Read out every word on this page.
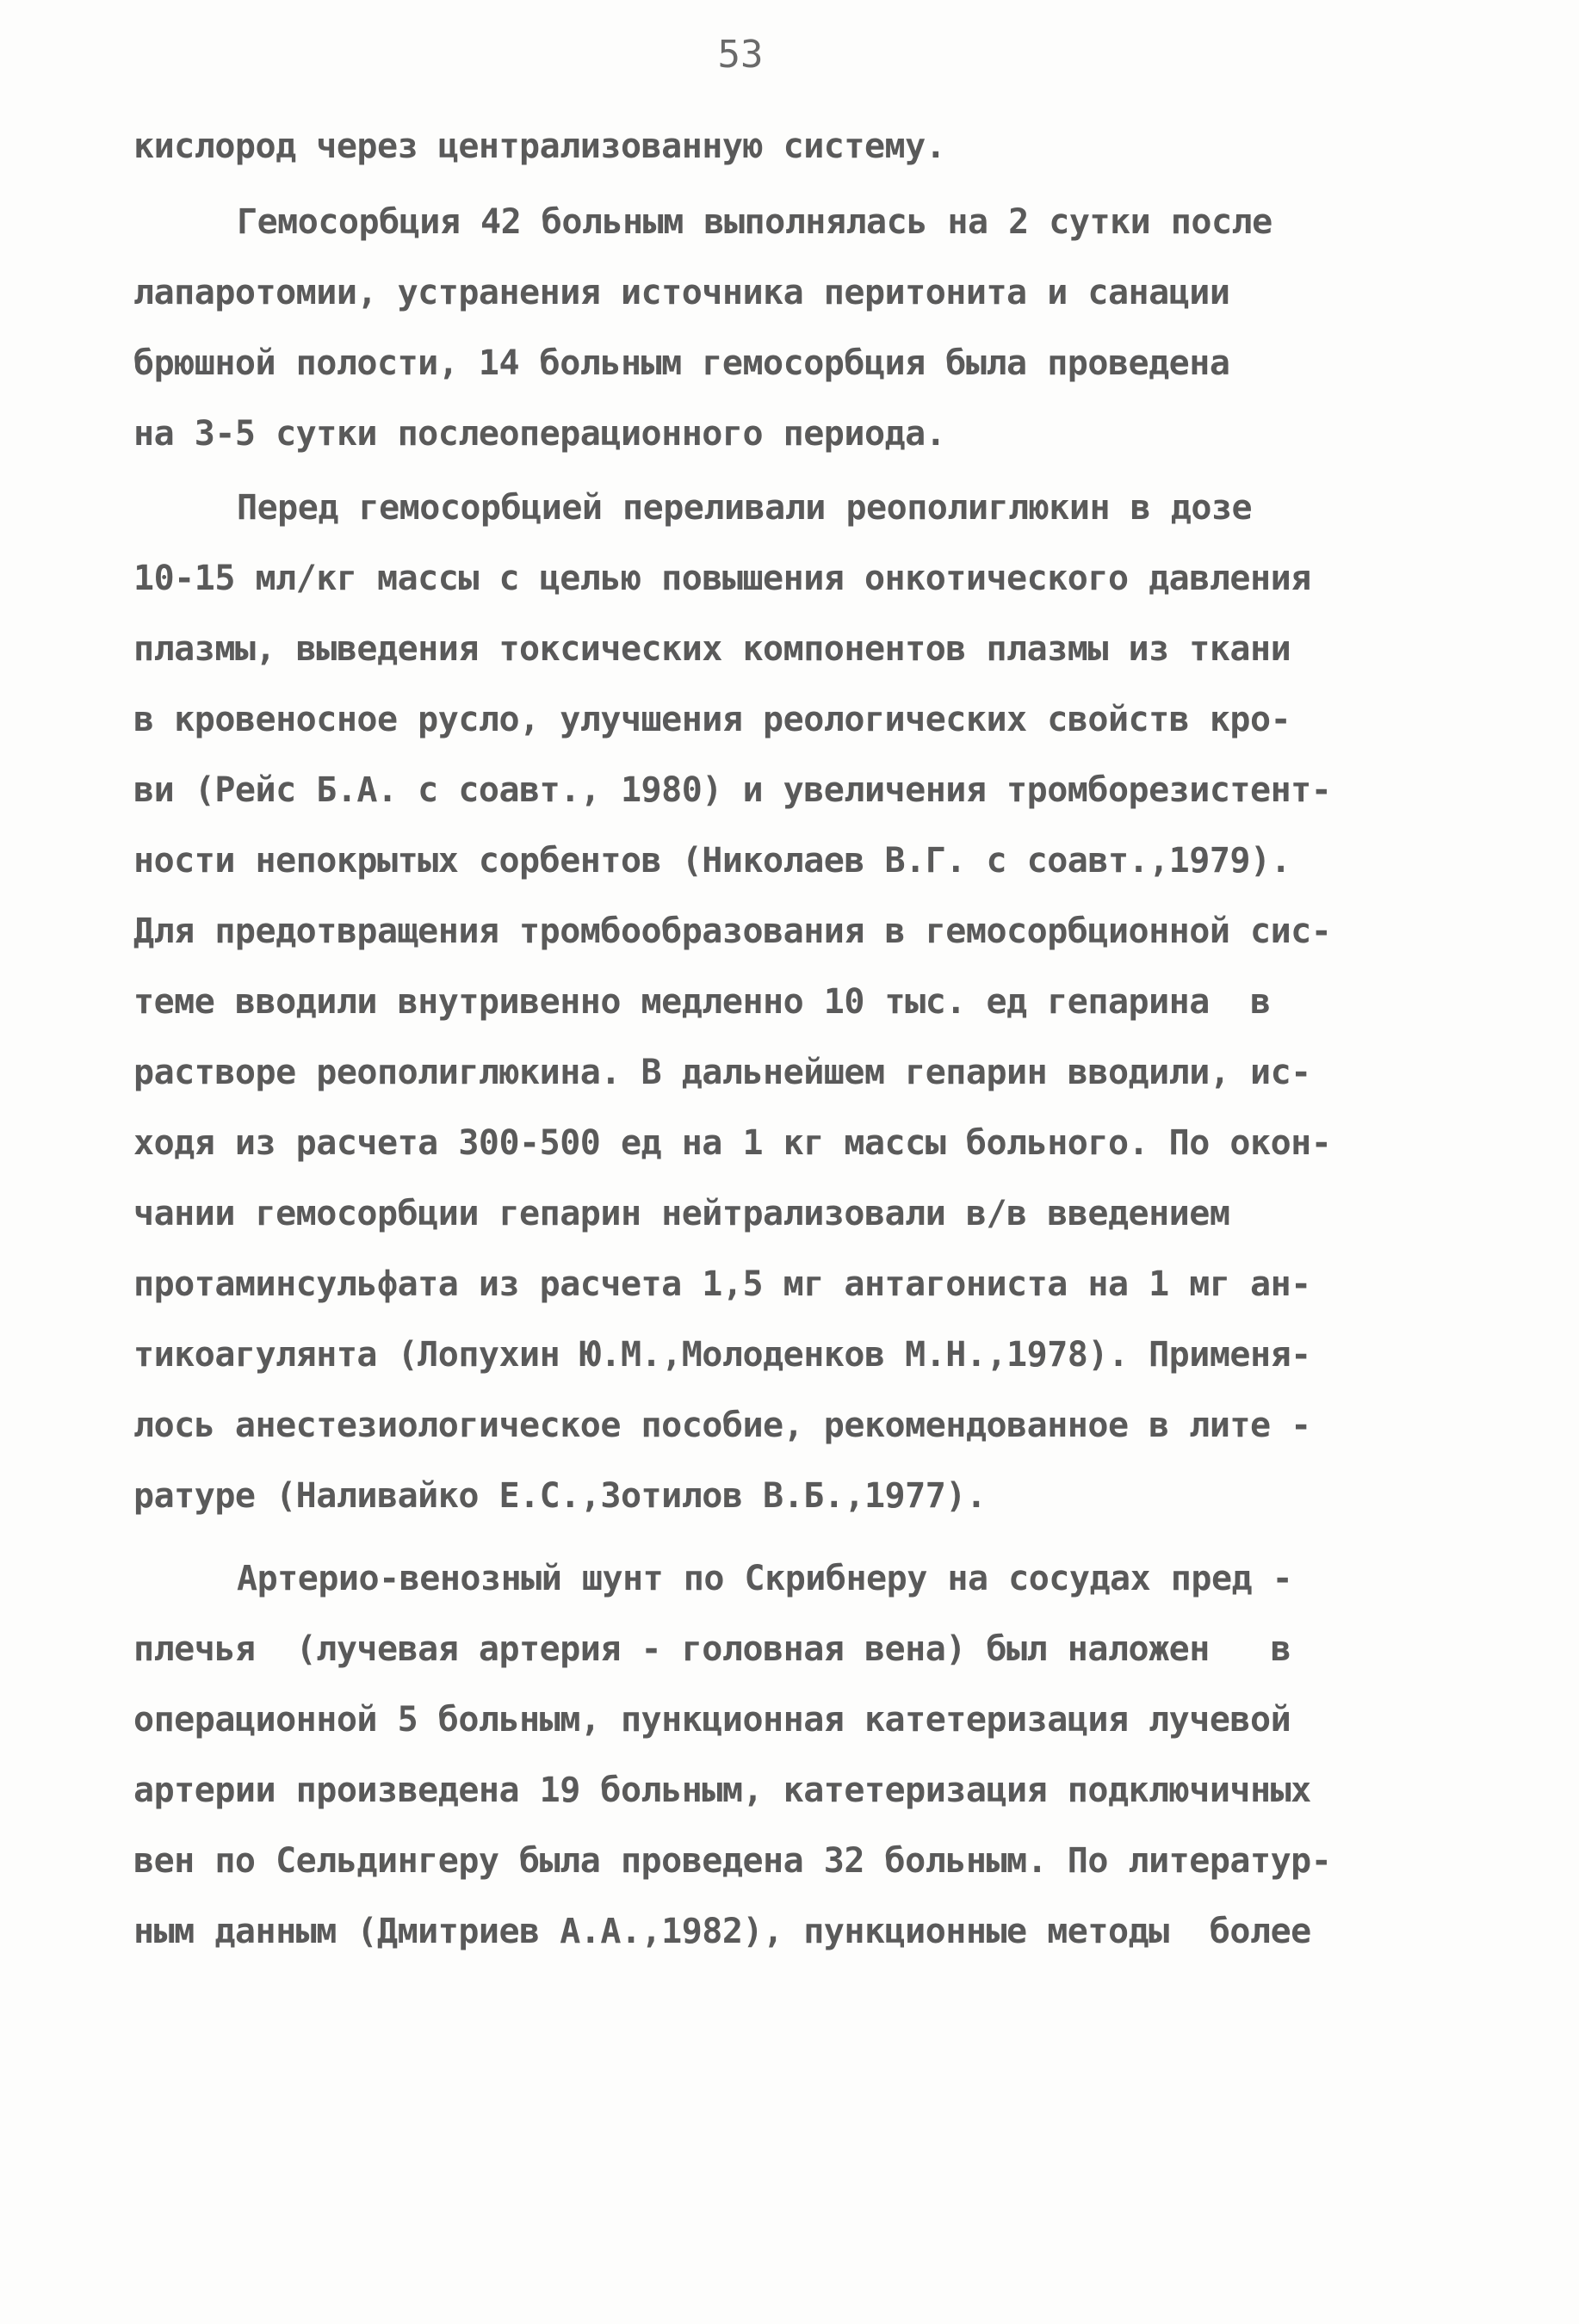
53
кислород через централизованную систему.
Гемосорбция 42 больным выполнялась на 2 сутки после
лапаротомии, устранения источника перитонита и санации
брюшной полости, 14 больным гемосорбция была проведена
на 3-5 сутки послеоперационного периода.
Перед гемосорбцией переливали реополиглюкин в дозе
10-15 мл/кг массы с целью повышения онкотического давления
плазмы, выведения токсических компонентов плазмы из ткани
в кровеносное русло, улучшения реологических свойств кро-
ви (Рейс Б.А. с соавт., 1980) и увеличения тромборезистент-
ности непокрытых сорбентов (Николаев В.Г. с соавт.,1979).
Для предотвращения тромбообразования в гемосорбционной сис-
теме вводили внутривенно медленно 10 тыс. ед гепарина  в
растворе реополиглюкина. В дальнейшем гепарин вводили, ис-
ходя из расчета 300-500 ед на 1 кг массы больного. По окон-
чании гемосорбции гепарин нейтрализовали в/в введением
протаминсульфата из расчета 1,5 мг антагониста на 1 мг ан-
тикоагулянта (Лопухин Ю.М.,Молоденков М.Н.,1978). Применя-
лось анестезиологическое пособие, рекомендованное в лите -
ратуре (Наливайко Е.С.,Зотилов В.Б.,1977).
Артерио-венозный шунт по Скрибнеру на сосудах пред -
плечья  (лучевая артерия - головная вена) был наложен   в
операционной 5 больным, пункционная катетеризация лучевой
артерии произведена 19 больным, катетеризация подключичных
вен по Сельдингеру была проведена 32 больным. По литератур-
ным данным (Дмитриев А.А.,1982), пункционные методы  более
